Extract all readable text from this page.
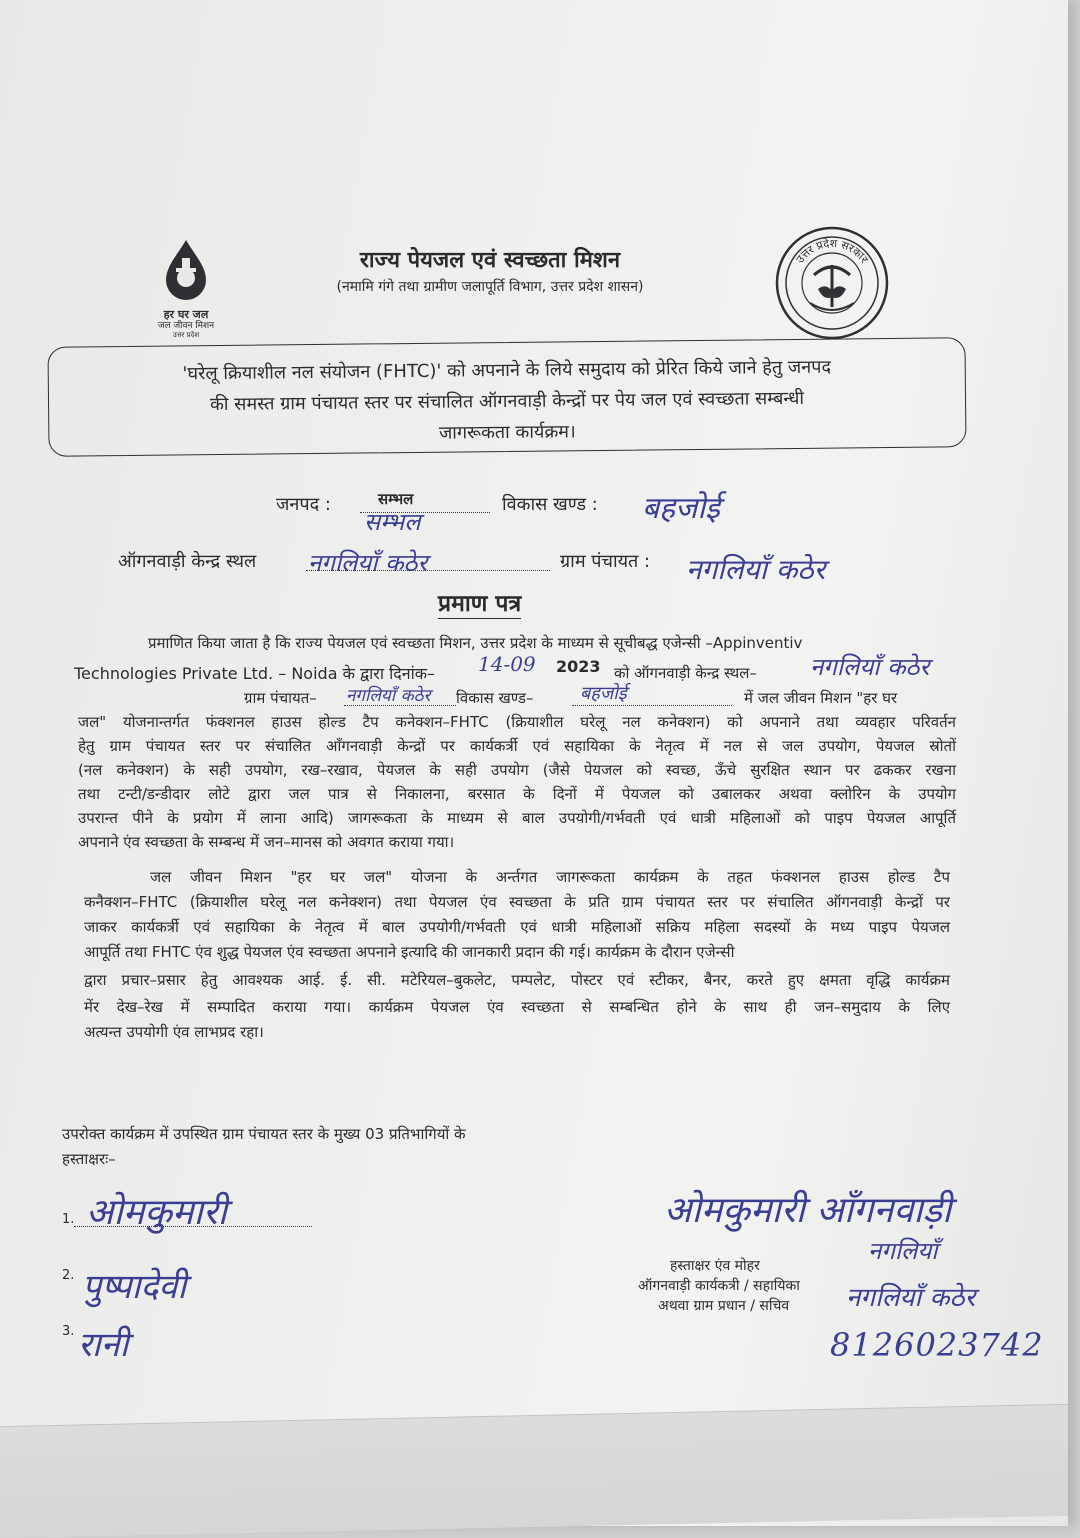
हर घर जल
जल जीवन मिशन
उत्तर प्रदेश
राज्य पेयजल एवं स्वच्छता मिशन
(नमामि गंगे तथा ग्रामीण जलापूर्ति विभाग, उत्तर प्रदेश शासन)
उत्तर प्रदेश सरकार
'घरेलू क्रियाशील नल संयोजन (FHTC)' को अपनाने के लिये समुदाय को प्रेरित किये जाने हेतु जनपद
की समस्त ग्राम पंचायत स्तर पर संचालित ऑगनवाड़ी केन्द्रों पर पेय जल एवं स्वच्छता सम्बन्धी
जागरूकता कार्यक्रम।
जनपद :	सम्भल
सम्भल
विकास खण्ड : बहजोई
ऑगनवाड़ी केन्द्र स्थल नगलियाँ कठेर	ग्राम पंचायत : नगलियाँ कठेर
प्रमाण पत्र
प्रमाणित किया जाता है कि राज्य पेयजल एवं स्वच्छता मिशन, उत्तर प्रदेश के माध्यम से सूचीबद्ध एजेन्सी –Appinventiv
Technologies Private Ltd. – Noida के द्वारा दिनांक– 14-09 2023 को ऑगनवाड़ी केन्द्र स्थल– नगलियाँ कठेर
ग्राम पंचायत– नगलियाँ कठेर विकास खण्ड–	बहजोई	में जल जीवन मिशन "हर घर
जल" योजनान्तर्गत फंक्शनल हाउस होल्ड टैप कनेक्शन–FHTC (क्रियाशील घरेलू नल कनेक्शन) को अपनाने तथा व्यवहार परिवर्तन
हेतु ग्राम पंचायत स्तर पर संचालित आँगनवाड़ी केन्द्रों पर कार्यकर्त्री एवं सहायिका के नेतृत्व में नल से जल उपयोग, पेयजल स्रोतों
(नल कनेक्शन) के सही उपयोग, रख–रखाव, पेयजल के सही उपयोग (जैसे पेयजल को स्वच्छ, ऊँचे सुरक्षित स्थान पर ढककर रखना
तथा टन्टी/डन्डीदार लोटे द्वारा जल पात्र से निकालना, बरसात के दिनों में पेयजल को उबालकर अथवा क्लोरिन के उपयोग
उपरान्त पीने के प्रयोग में लाना आदि) जागरूकता के माध्यम से बाल उपयोगी/गर्भवती एवं धात्री महिलाओं को पाइप पेयजल आपूर्ति
अपनाने एंव स्वच्छता के सम्बन्ध में जन–मानस को अवगत कराया गया।
जल जीवन मिशन "हर घर जल" योजना के अर्न्तगत जागरूकता कार्यक्रम के तहत फंक्शनल हाउस होल्ड टैप
कनैक्शन–FHTC (क्रियाशील घरेलू नल कनेक्शन) तथा पेयजल एंव स्वच्छता के प्रति ग्राम पंचायत स्तर पर संचालित ऑगनवाड़ी केन्द्रों पर
जाकर कार्यकर्त्री एवं सहायिका के नेतृत्व में बाल उपयोगी/गर्भवती एवं धात्री महिलाओं सक्रिय महिला सदस्यों के मध्य पाइप पेयजल
आपूर्ति तथा FHTC एंव शुद्ध पेयजल एंव स्वच्छता अपनाने इत्यादि की जानकारी प्रदान की गई। कार्यक्रम के दौरान एजेन्सी
द्वारा प्रचार–प्रसार हेतु आवश्यक आई. ई. सी. मटेरियल–बुकलेट, पम्पलेट, पोस्टर एवं स्टीकर, बैनर, करते हुए क्षमता वृद्धि कार्यक्रम
मेंर देख–रेख में सम्पादित कराया गया। कार्यक्रम पेयजल एंव स्वच्छता से सम्बन्धित होने के साथ ही जन–समुदाय के लिए
अत्यन्त उपयोगी एंव लाभप्रद रहा।
उपरोक्त कार्यक्रम में उपस्थित ग्राम पंचायत स्तर के मुख्य 03 प्रतिभागियों के
हस्ताक्षरः–
1. ओमकुमारी
2. पुष्पादेवी
3. रानी
ओमकुमारी आँगनवाड़ी
नगलियाँ
हस्ताक्षर एंव मोहर
ऑगनवाड़ी कार्यकत्री / सहायिका नगलियाँ कठेर
अथवा ग्राम प्रधान / सचिव
8126023742
